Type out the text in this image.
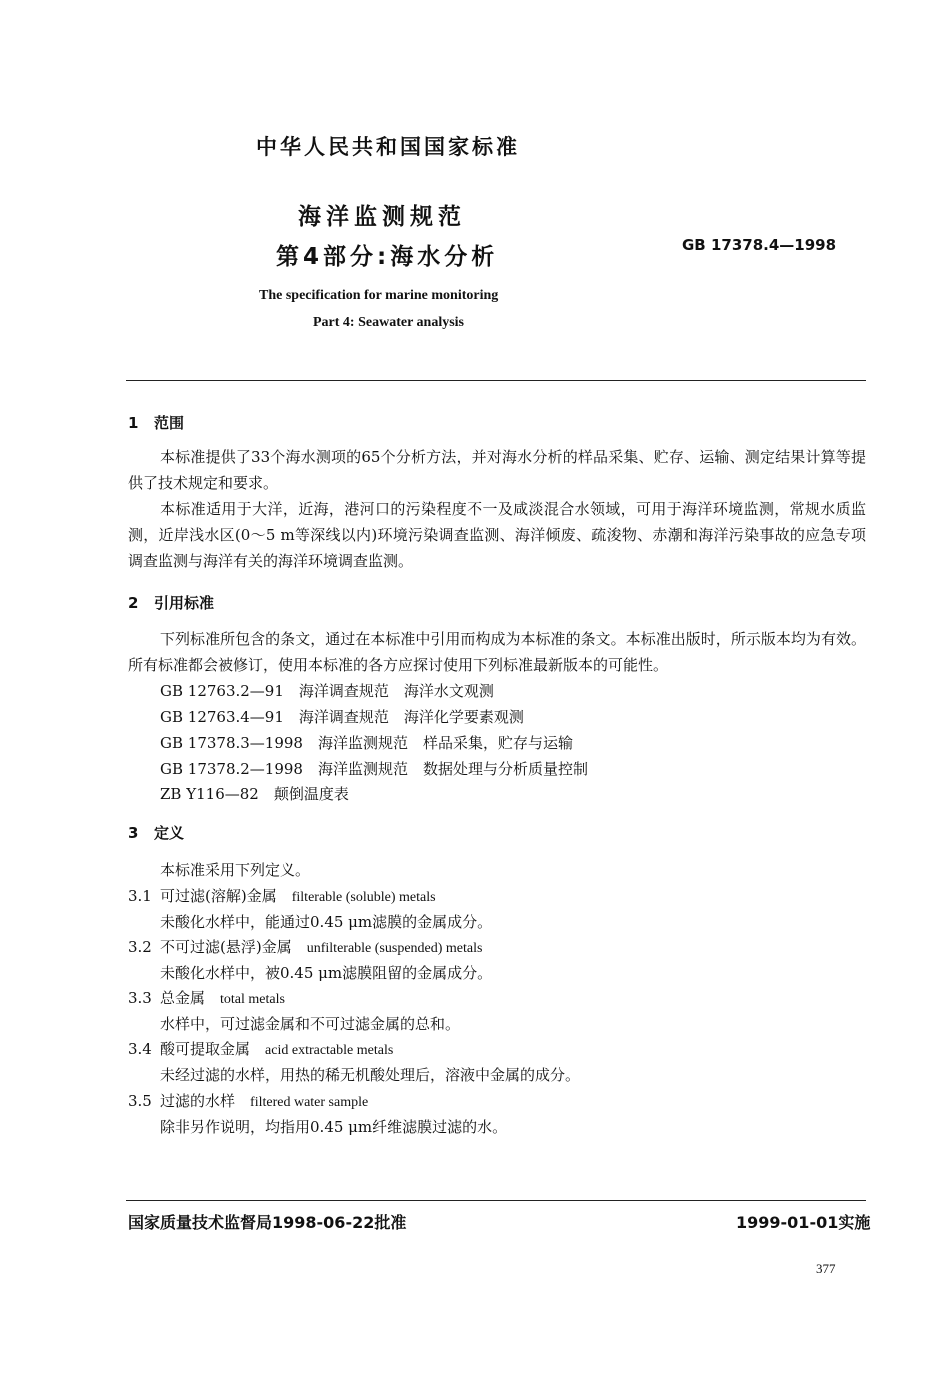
中华人民共和国国家标准
海洋监测规范
第4部分:海水分析	GB 17378.4—1998
The specification for marine monitoring
Part 4: Seawater analysis
1 范围

本标准提供了33个海水测项的65个分析方法，并对海水分析的样品采集、贮存、运输、测定结果计算等提供了技术规定和要求。

本标准适用于大洋，近海，港河口的污染程度不一及咸淡混合水领域，可用于海洋环境监测，常规水质监测，近岸浅水区(0～5 m等深线以内)环境污染调查监测、海洋倾废、疏浚物、赤潮和海洋污染事故的应急专项调查监测与海洋有关的海洋环境调查监测。

2 引用标准

下列标准所包含的条文，通过在本标准中引用而构成为本标准的条文。本标准出版时，所示版本均为有效。所有标准都会被修订，使用本标准的各方应探讨使用下列标准最新版本的可能性。

GB 12763.2—91　海洋调查规范　海洋水文观测
GB 12763.4—91　海洋调查规范　海洋化学要素观测
GB 17378.3—1998　海洋监测规范　样品采集，贮存与运输
GB 17378.2—1998　海洋监测规范　数据处理与分析质量控制
ZB Y116—82　颠倒温度表
3 定义
本标准采用下列定义。
3.1 可过滤(溶解)金属　 filterable (soluble) metals
未酸化水样中，能通过0.45 μm滤膜的金属成分。
3.2 不可过滤(悬浮)金属　 unfilterable (suspended) metals
未酸化水样中，被0.45 μm滤膜阻留的金属成分。
3.3 总金属　 total metals
水样中，可过滤金属和不可过滤金属的总和。
3.4 酸可提取金属　 acid extractable metals
未经过滤的水样，用热的稀无机酸处理后，溶液中金属的成分。
3.5 过滤的水样　 filtered water sample
除非另作说明，均指用0.45 μm纤维滤膜过滤的水。
国家质量技术监督局1998-06-22批准	1999-01-01实施
377
